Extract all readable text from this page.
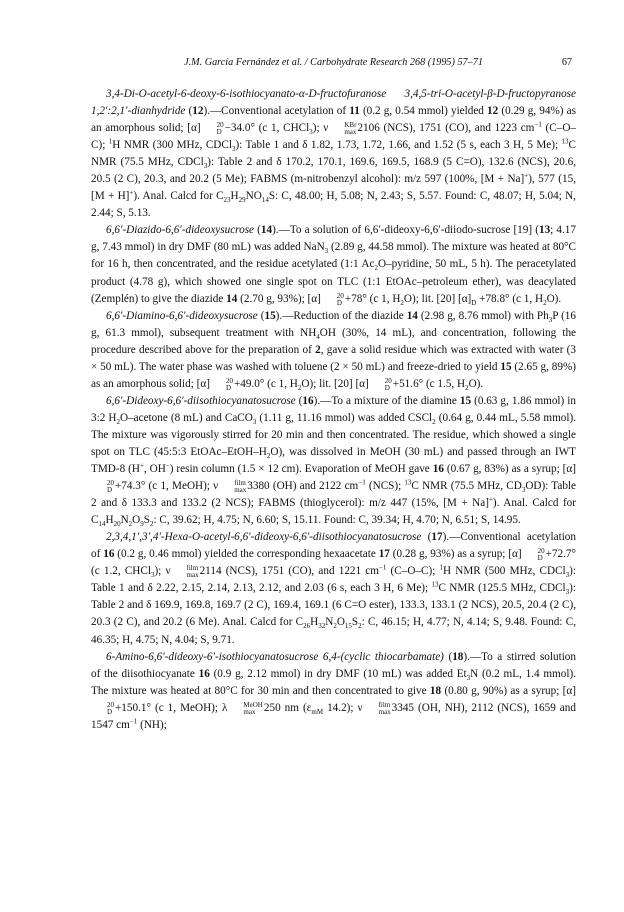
J.M. García Fernández et al. / Carbohydrate Research 268 (1995) 57–71	67

3,4-Di-O-acetyl-6-deoxy-6-isothiocyanato-α-D-fructofuranose 3,4,5-tri-O-acetyl-β-D-fructopyranose 1,2′:2,1′-dianhydride (12).—Conventional acetylation of 11 (0.2 g, 0.54 mmol) yielded 12 (0.29 g, 94%) as an amorphous solid; [α]	20
D −34.0° (c 1, CHCl$_3$); ν	KBr
max 2106 (NCS), 1751 (CO), and 1223 $cm^{-1}$ (C–O–C); $^1$H NMR (300 MHz, CDCl$_3$): Table 1 and δ 1.82, 1.73, 1.72, 1.66, and 1.52 (5 s, each 3 H, 5 Me); $^{13}$C NMR (75.5 MHz, CDCl$_3$): Table 2 and δ 170.2, 170.1, 169.6, 169.5, 168.9 (5 C=O), 132.6 (NCS), 20.6, 20.5 (2 C), 20.3, and 20.2 (5 Me); FABMS (m-nitrobenzyl alcohol): m/z 597 (100%, [M + Na]+), 577 (15, [M + H]+). Anal. Calcd for $C_{23}H_{29}NO_{14}S$: C, 48.00; H, 5.08; N, 2.43; S, 5.57. Found: C, 48.07; H, 5.04; N, 2.44; S, 5.13.

6,6′-Diazido-6,6′-dideoxysucrose (14).—To a solution of 6,6′-dideoxy-6,6′-diiodo-sucrose [19] (13; 4.17 g, 7.43 mmol) in dry DMF (80 mL) was added NaN$_3$ (2.89 g, 44.58 mmol). The mixture was heated at 80°C for 16 h, then concentrated, and the residue acetylated (1:1 $Ac_2O$–pyridine, 50 mL, 5 h). The peracetylated product (4.78 g), which showed one single spot on TLC (1:1 EtOAc–petroleum ether), was deacylated (Zemplén) to give the diazide 14 (2.70 g, 93%); [α]	20
D +78° (c 1, $H_2O$); lit. [20] $[\alpha]_D +78.8^\circ$ (c 1, $H_2O$).

6,6′-Diamino-6,6′-dideoxysucrose (15).—Reduction of the diazide 14 (2.98 g, 8.76 mmol) with $Ph_3P$ (16 g, 61.3 mmol), subsequent treatment with $NH_4OH$ (30%, 14 mL), and concentration, following the procedure described above for the preparation of 2, gave a solid residue which was extracted with water (3 × 50 mL). The water phase was washed with toluene (2 × 50 mL) and freeze-dried to yield 15 (2.65 g, 89%) as an amorphous solid; [α]	20
D +49.0° (c 1, $H_2O$); lit. [20] [α]	20
D +51.6° (c 1.5, $H_2O$).

6,6′-Dideoxy-6,6′-diisothiocyanatosucrose (16).—To a mixture of the diamine 15 (0.63 g, 1.86 mmol) in 3:2 $H_2O$–acetone (8 mL) and CaCO$_3$ (1.11 g, 11.16 mmol) was added CSCl$_2$ (0.64 g, 0.44 mL, 5.58 mmol). The mixture was vigorously stirred for 20 min and then concentrated. The residue, which showed a single spot on TLC (45:5:3 EtOAc–$EtOH-H_2O$), was dissolved in MeOH (30 mL) and passed through an IWT TMD-8 (H+, OH−) resin column (1.5 × 12 cm). Evaporation of MeOH gave 16 (0.67 g, 83%) as a syrup; [α]
20
D +74.3° (c 1, MeOH); ν	film
max 3380 (OH) and 2122 $cm^{-1}$ (NCS); $^{13}$C NMR (75.5 MHz, $CD_3OD$): Table 2 and δ 133.3 and 133.2 (2 NCS); FABMS (thioglycerol): m/z 447 (15%, [M + Na]+). Anal. Calcd for $C_{14}H_{20}N_2O_9S_2$: C, 39.62; H, 4.75; N, 6.60; S, 15.11. Found: C, 39.34; H, 4.70; N, 6.51; S, 14.95.

2,3,4,1′,3′,4′-Hexa-O-acetyl-6,6′-dideoxy-6,6′-diisothiocyanatosucrose (17).—Conventional acetylation of 16 (0.2 g, 0.46 mmol) yielded the corresponding hexaacetate 17 (0.28 g, 93%) as a syrup; [α]	20
D +72.7° (c 1.2, CHCl$_3$); ν	film
max 2114 (NCS), 1751 (CO), and 1221 $cm^{-1}$ (C–O–C); $^1$H NMR (500 MHz, CDCl$_3$): Table 1 and δ 2.22, 2.15, 2.14, 2.13, 2.12, and 2.03 (6 s, each 3 H, 6 Me); $^{13}$C NMR (125.5 MHz, CDCl$_3$): Table 2 and δ 169.9, 169.8, 169.7 (2 C), 169.4, 169.1 (6 C=O ester), 133.3, 133.1 (2 NCS), 20.5, 20.4 (2 C), 20.3 (2 C), and 20.2 (6 Me). Anal. Calcd for $C_{26}H_{32}N_2O_{15}S_2$: C, 46.15; H, 4.77; N, 4.14; S, 9.48. Found: C, 46.35; H, 4.75; N, 4.04; S, 9.71.

6-Amino-6,6′-dideoxy-6′-isothiocyanatosucrose 6,4-(cyclic thiocarbamate) (18).—To a stirred solution of the diisothiocyanate 16 (0.9 g, 2.12 mmol) in dry DMF (10 mL) was added $Et_3N$ (0.2 mL, 1.4 mmol). The mixture was heated at 80°C for 30 min and then concentrated to give 18 (0.80 g, 90%) as a syrup; [α]
20
D +150.1° (c 1, MeOH); λ	MeOH
max 250 nm ($\varepsilon_{mM}$ 14.2); ν	film
max 3345 (OH, NH), 2112 (NCS), 1659 and 1547 $cm^{-1}$ (NH);
